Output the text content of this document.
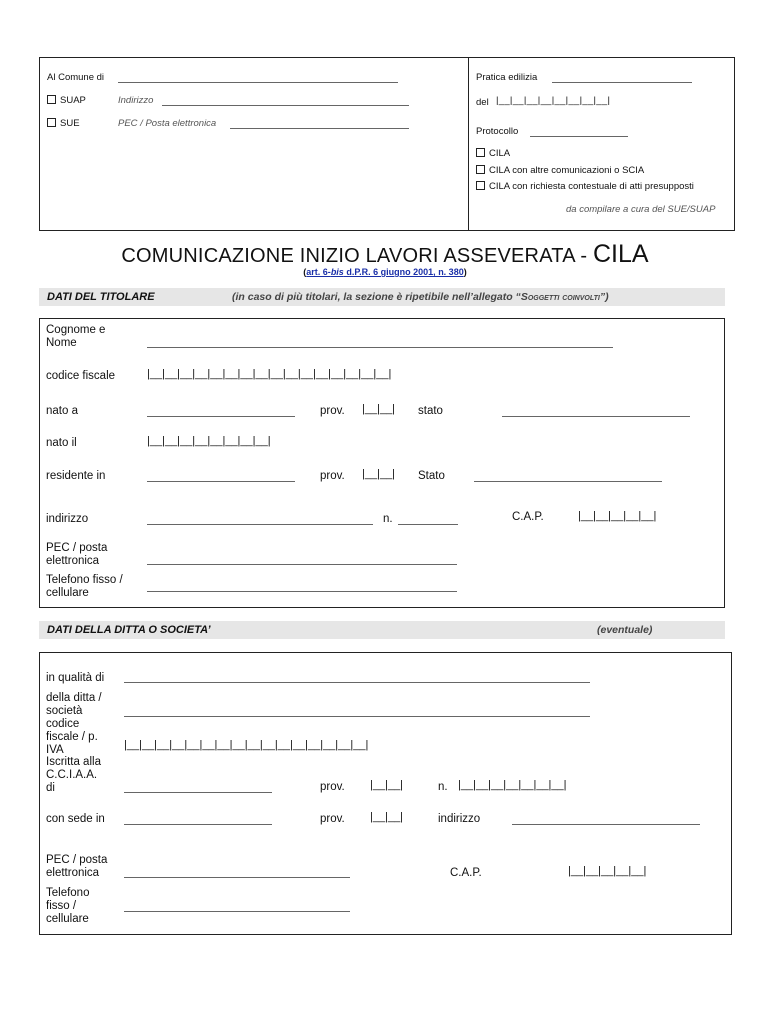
Al Comune di
SUAP	Indirizzo
SUE	PEC / Posta elettronica
Pratica edilizia
del |__|__|__|__|__|__|__|__|
Protocollo
CILA
CILA con altre comunicazioni o SCIA
CILA con richiesta contestuale di atti presupposti
da compilare a cura del SUE/SUAP
COMUNICAZIONE INIZIO LAVORI ASSEVERATA - CILA
(art. 6-bis d.P.R. 6 giugno 2001, n. 380)
DATI DEL TITOLARE	(in caso di più titolari, la sezione è ripetibile nell’allegato “Soggetti coinvolti”)
Cognome e Nome
codice fiscale	|__|__|__|__|__|__|__|__|__|__|__|__|__|__|__|__|
nato a	prov. |__|__| stato
nato il	|__|__|__|__|__|__|__|__|
residente in	prov. |__|__| Stato
indirizzo	n.	C.A.P.	|__|__|__|__|__|
PEC / posta elettronica
Telefono fisso / cellulare
DATI DELLA DITTA O SOCIETA’	(eventuale)
in qualità di
della ditta / società
codice fiscale / p. IVA	|__|__|__|__|__|__|__|__|__|__|__|__|__|__|__|__|
Iscritta alla C.C.I.A.A. di	prov. |__|__|	n. |__|__|__|__|__|__|__|
con sede in	prov. |__|__|	indirizzo
PEC / posta elettronica	C.A.P.	|__|__|__|__|__|
Telefono fisso / cellulare
